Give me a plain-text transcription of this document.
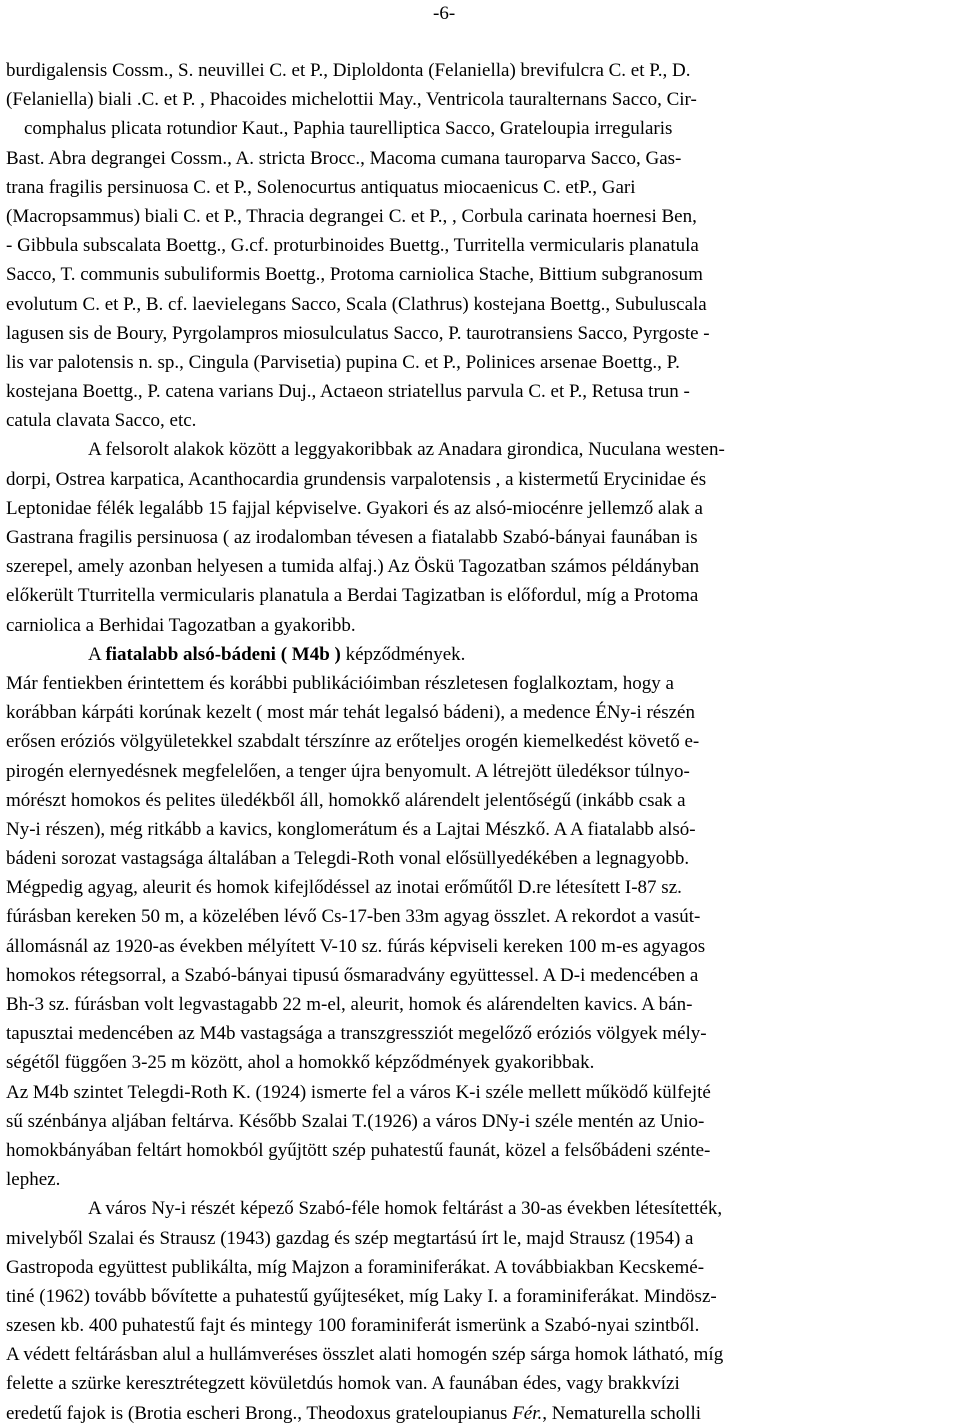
-6-
burdigalensis Cossm., S. neuvillei C. et P., Diploldonta (Felaniella) brevifulcra C. et P., D.
(Felaniella) biali .C. et P. , Phacoides michelottii May., Ventricola tauralternans Sacco, Cir-
comphalus plicata rotundior Kaut., Paphia taurelliptica Sacco, Grateloupia irregularis
Bast. Abra degrangei Cossm., A. stricta Brocc., Macoma cumana tauroparva Sacco, Gas-
trana fragilis persinuosa C. et P., Solenocurtus antiquatus miocaenicus C. etP., Gari
(Macropsammus) biali C. et P., Thracia degrangei C. et P., , Corbula carinata hoernesi Ben,
- Gibbula subscalata Boettg., G.cf. proturbinoides Buettg., Turritella vermicularis planatula
Sacco, T. communis subuliformis Boettg., Protoma carniolica Stache, Bittium subgranosum
evolutum C. et P., B. cf. laevielegans Sacco, Scala (Clathrus) kostejana Boettg., Subuluscala
lagusen sis de Boury, Pyrgolampros miosulculatus Sacco, P. taurotransiens Sacco, Pyrgoste -
lis var palotensis n. sp., Cingula (Parvisetia) pupina C. et P., Polinices arsenae Boettg., P.
kostejana Boettg., P. catena varians Duj., Actaeon striatellus parvula C. et P., Retusa trun -
catula clavata Sacco, etc.
A felsorolt alakok között a leggyakoribbak az Anadara girondica, Nuculana westen-
dorpi, Ostrea karpatica, Acanthocardia grundensis varpalotensis , a kistermetű Erycinidae és
Leptonidae félék legalább 15 fajjal képviselve. Gyakori és az alsó-miocénre jellemző alak a
Gastrana fragilis persinuosa ( az irodalomban tévesen a fiatalabb Szabó-bányai faunában is
szerepel, amely azonban helyesen a tumida alfaj.) Az Öskü Tagozatban számos példányban
előkerült Tturritella vermicularis planatula a Berdai Tagizatban is előfordul, míg a Protoma
carniolica a Berhidai Tagozatban a gyakoribb.
A fiatalabb alsó-bádeni ( M4b ) képződmények.
Már fentiekben érintettem és korábbi publikációimban részletesen foglalkoztam, hogy a
korábban kárpáti korúnak kezelt ( most már tehát legalsó bádeni), a medence ÉNy-i részén
erősen eróziós völgyületekkel szabdalt térszínre az erőteljes orogén kiemelkedést követő e-
pirogén elernyedésnek megfelelően, a tenger újra benyomult. A létrejött üledéksor túlnyo-
mórészt homokos és pelites üledékből áll, homokkő alárendelt jelentőségű (inkább csak a
Ny-i részen), még ritkább a kavics, konglomerátum és a Lajtai Mészkő. A A fiatalabb alsó-
bádeni sorozat vastagsága általában a Telegdi-Roth vonal elősüllyedékében a legnagyobb.
Mégpedig agyag, aleurit és homok kifejlődéssel az inotai erőműtől D.re létesített I-87 sz.
fúrásban kereken 50 m, a közelében lévő Cs-17-ben 33m agyag összlet. A rekordot a vasút-
állomásnál az 1920-as években mélyített V-10 sz. fúrás képviseli kereken 100 m-es agyagos
homokos rétegsorral, a Szabó-bányai tipusú ősmaradvány együttessel. A D-i medencében a
Bh-3 sz. fúrásban volt legvastagabb 22 m-el, aleurit, homok és alárendelten kavics. A bán-
tapusztai medencében az M4b vastagsága a transzgressziót megelőző eróziós völgyek mély-
ségétől függően 3-25 m között, ahol a homokkő képződmények gyakoribbak.
Az M4b szintet Telegdi-Roth K. (1924) ismerte fel a város K-i széle mellett működő külfejté
sű szénbánya aljában feltárva. Később Szalai T.(1926) a város DNy-i széle mentén az Unio-
homokbányában feltárt homokból gyűjtött szép puhatestű faunát, közel a felsőbádeni szénte-
lephez.
A város Ny-i részét képező Szabó-féle homok feltárást a 30-as években létesítették,
mivelyből Szalai és Strausz (1943) gazdag és szép megtartású írt le, majd Strausz (1954) a
Gastropoda együttest publikálta, míg Majzon a foraminiferákat. A továbbiakban Kecskemé-
tiné (1962) tovább bővítette a puhatestű gyűjteséket, míg Laky I. a foraminiferákat. Mindösz-
szesen kb. 400 puhatestű fajt és mintegy 100 foraminiferát ismerünk a Szabó-nyai szintből.
A védett feltárásban alul a hullámveréses összlet alati homogén szép sárga homok látható, míg
felette a szürke keresztrétegzett kövületdús homok van. A faunában édes, vagy brakkvízi
eredetű fajok is (Brotia escheri Brong., Theodoxus grateloupianus Fér., Nematurella scholli
